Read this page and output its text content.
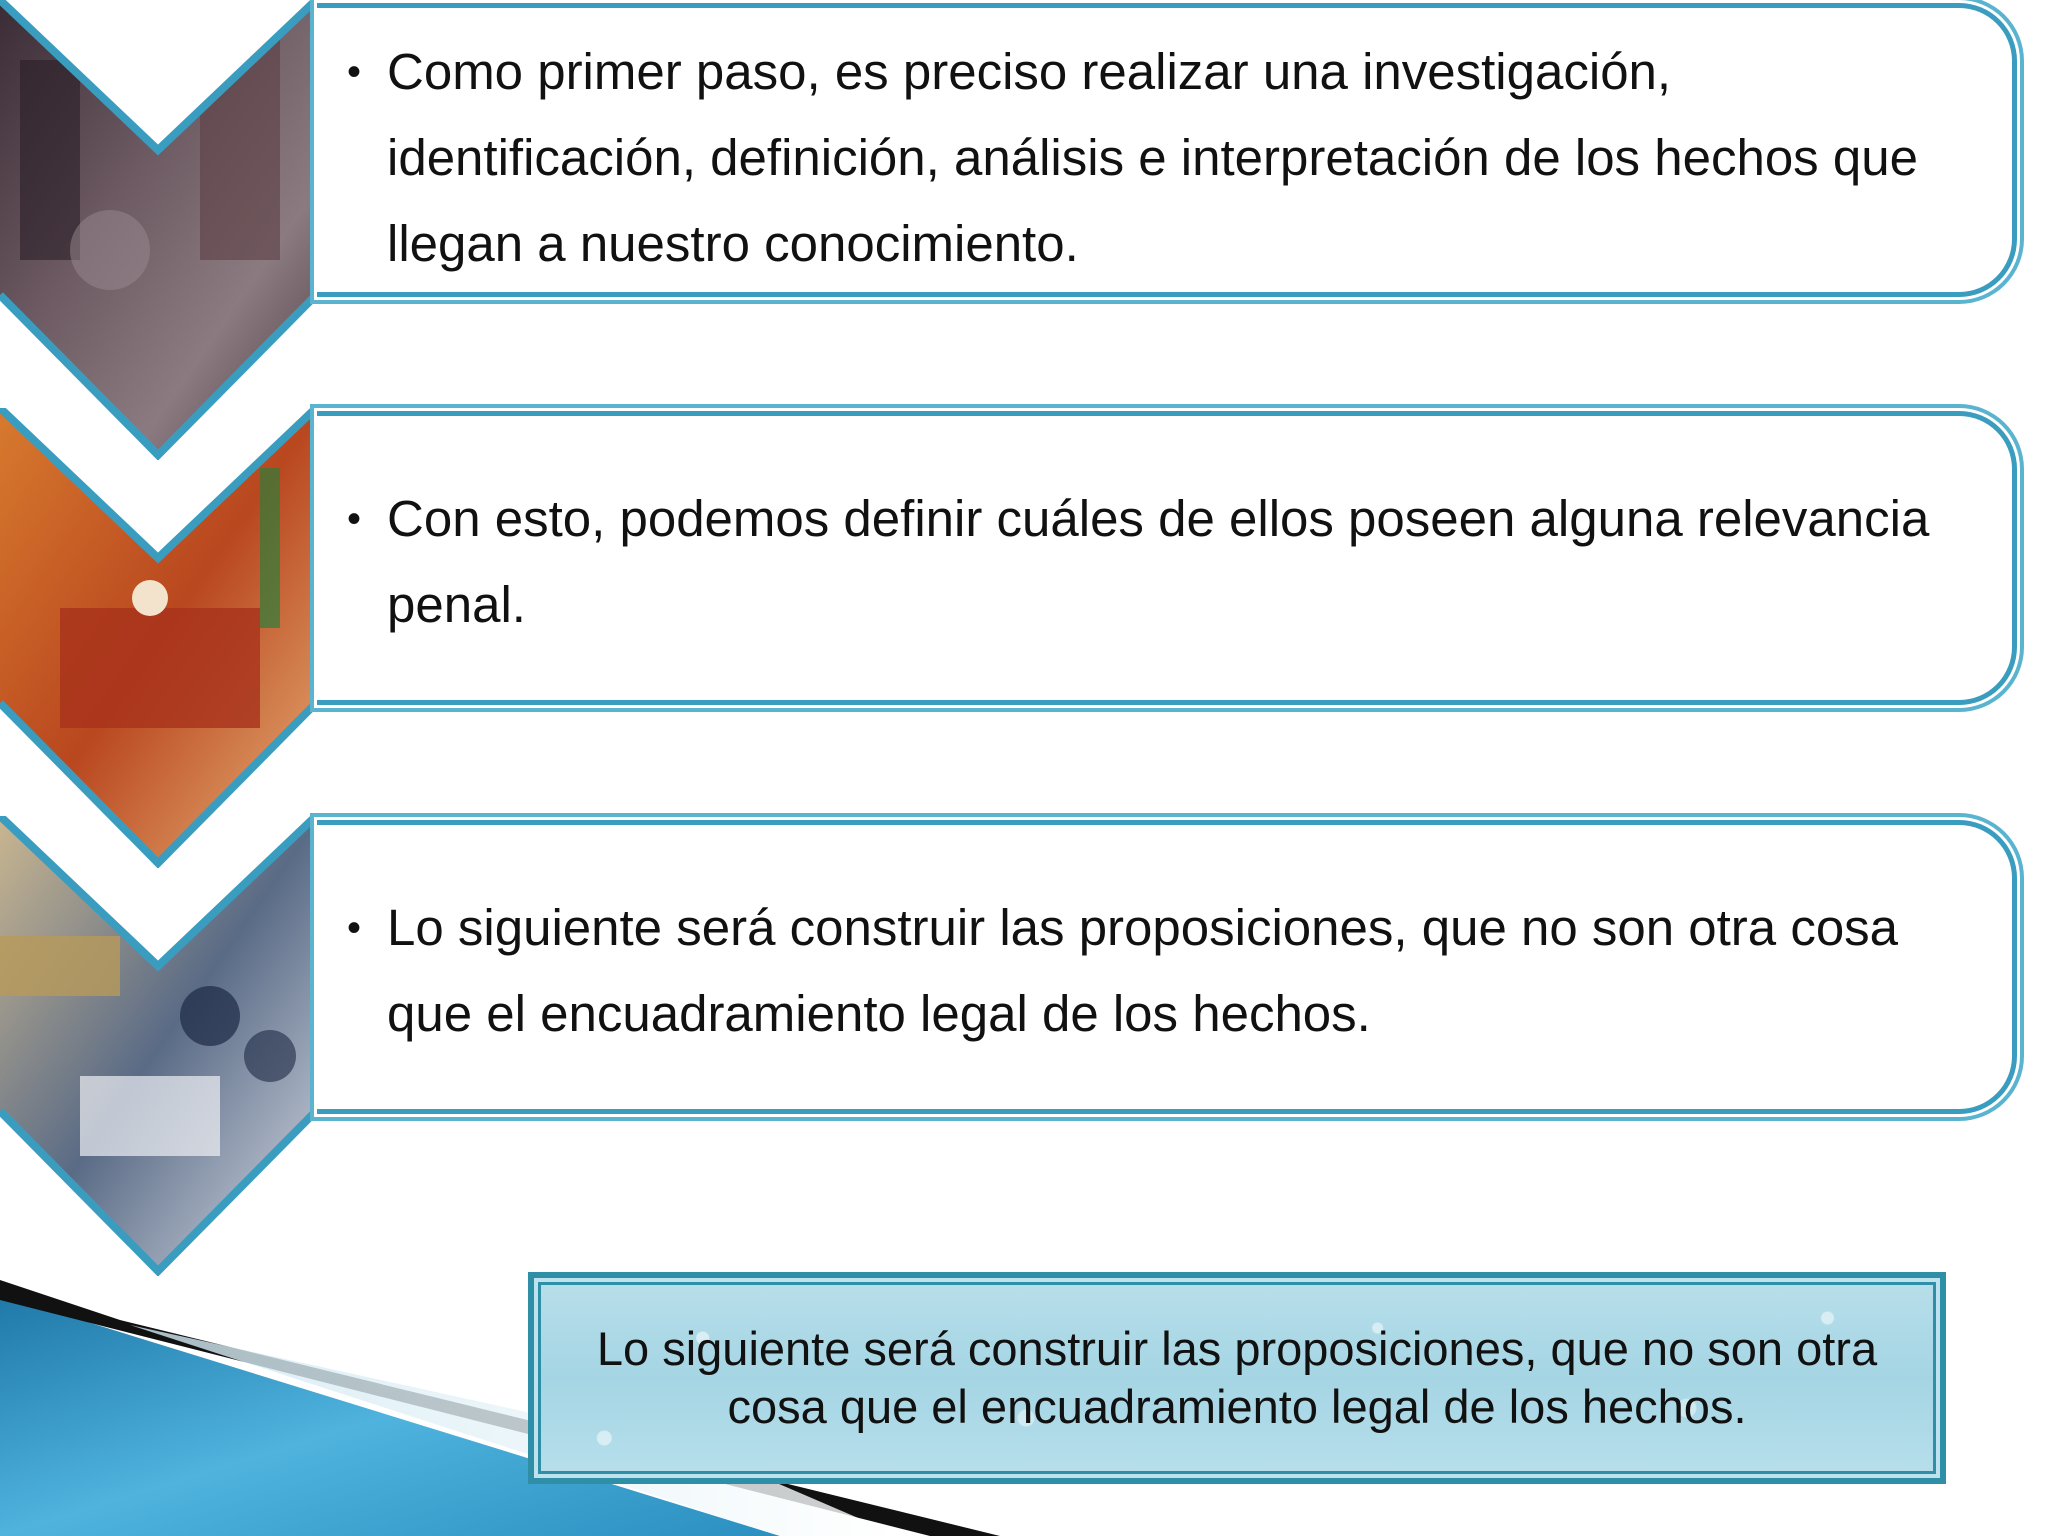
• Como primer paso, es preciso realizar una investigación, identificación, definición, análisis e interpretación de los hechos que llegan a nuestro conocimiento.
• Con esto, podemos definir cuáles de ellos poseen alguna relevancia penal.
• Lo siguiente será construir las proposiciones, que no son otra cosa que el encuadramiento legal de los hechos.

Lo siguiente será construir las proposiciones, que no son otra cosa que el encuadramiento legal de los hechos.
